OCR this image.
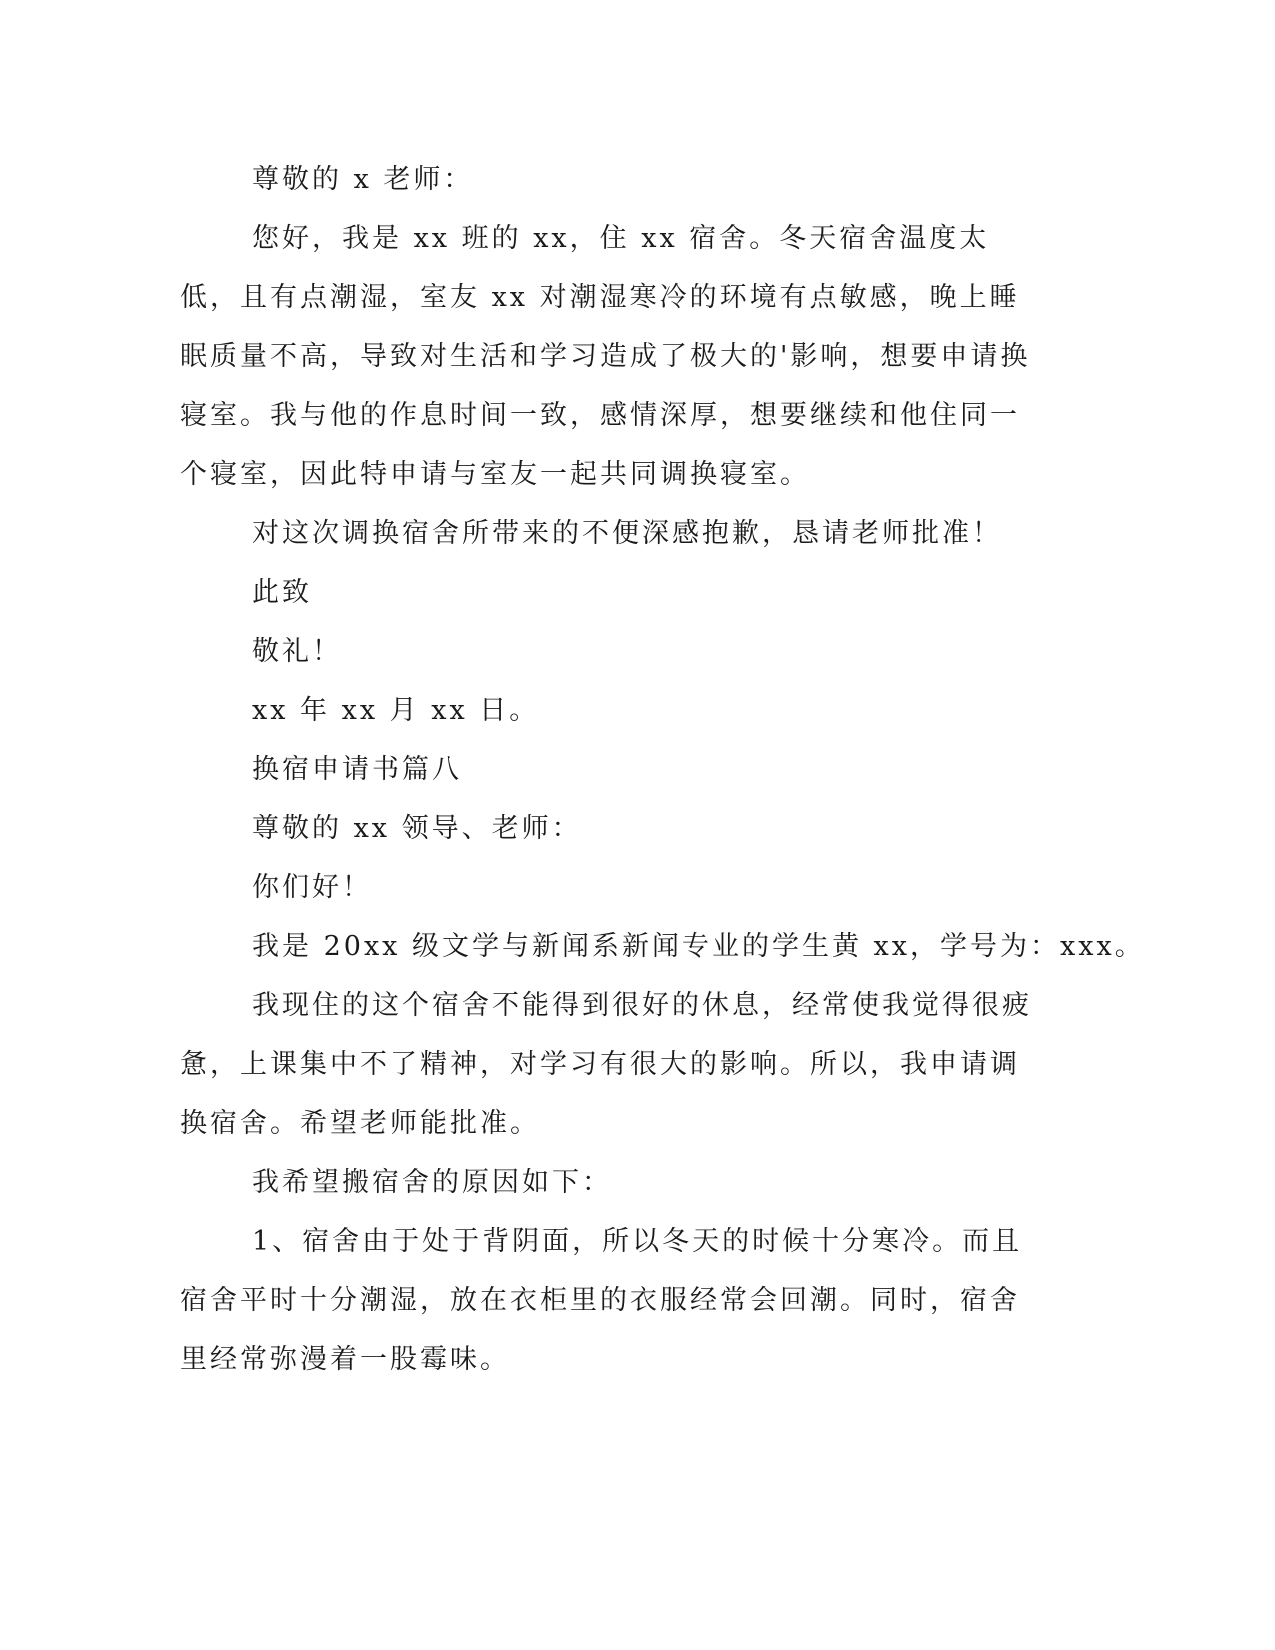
尊敬的 x 老师：

您好，我是 xx 班的 xx，住 xx 宿舍。冬天宿舍温度太低，且有点潮湿，室友 xx 对潮湿寒冷的环境有点敏感，晚上睡眠质量不高，导致对生活和学习造成了极大的'影响，想要申请换寝室。我与他的作息时间一致，感情深厚，想要继续和他住同一个寝室，因此特申请与室友一起共同调换寝室。

对这次调换宿舍所带来的不便深感抱歉，恳请老师批准！

此致

敬礼！

xx 年 xx 月 xx 日。

换宿申请书篇八

尊敬的 xx 领导、老师：

你们好！

我是 20xx 级文学与新闻系新闻专业的学生黄 xx，学号为：xxx。

我现住的这个宿舍不能得到很好的休息，经常使我觉得很疲惫，上课集中不了精神，对学习有很大的影响。所以，我申请调换宿舍。希望老师能批准。

我希望搬宿舍的原因如下：

1、宿舍由于处于背阴面，所以冬天的时候十分寒冷。而且宿舍平时十分潮湿，放在衣柜里的衣服经常会回潮。同时，宿舍里经常弥漫着一股霉味。
